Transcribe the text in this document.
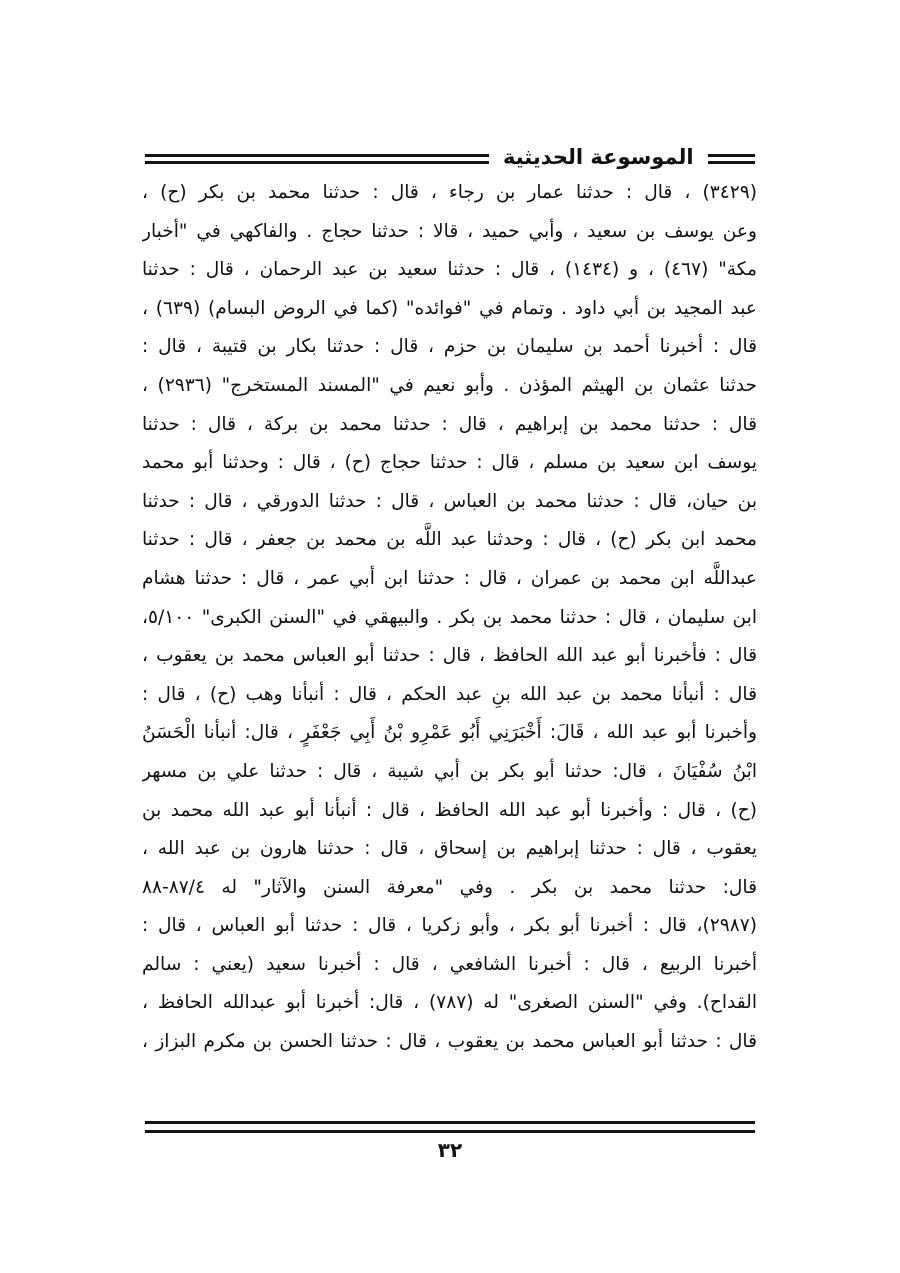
الموسوعة الحديثية
(٣٤٢٩) ، قال : حدثنا عمار بن رجاء ، قال : حدثنا محمد بن بكر (ح) ،
وعن يوسف بن سعيد ، وأبي حميد ، قالا : حدثنا حجاج . والفاكهي في "أخبار
مكة" (٤٦٧) ، و (١٤٣٤) ، قال : حدثنا سعيد بن عبد الرحمان ، قال : حدثنا
عبد المجيد بن أبي داود . وتمام في "فوائده" (كما في الروض البسام) (٦٣٩) ،
قال : أخبرنا أحمد بن سليمان بن حزم ، قال : حدثنا بكار بن قتيبة ، قال :
حدثنا عثمان بن الهيثم المؤذن . وأبو نعيم في "المسند المستخرج" (٢٩٣٦) ،
قال : حدثنا محمد بن إبراهيم ، قال : حدثنا محمد بن بركة ، قال : حدثنا
يوسف ابن سعيد بن مسلم ، قال : حدثنا حجاج (ح) ، قال : وحدثنا أبو محمد
بن حيان، قال : حدثنا محمد بن العباس ، قال : حدثنا الدورقي ، قال : حدثنا
محمد ابن بكر (ح) ، قال : وحدثنا عبد اللَّه بن محمد بن جعفر ، قال : حدثنا
عبداللَّه ابن محمد بن عمران ، قال : حدثنا ابن أبي عمر ، قال : حدثنا هشام
ابن سليمان ، قال : حدثنا محمد بن بكر . والبيهقي في "السنن الكبرى" ٥/١٠٠،
قال : فأخبرنا أبو عبد الله الحافظ ، قال : حدثنا أبو العباس محمد بن يعقوب ،
قال : أنبأنا محمد بن عبد الله بنِ عبد الحكم ، قال : أنبأنا وهب (ح) ، قال :
وأخبرنا أبو عبد الله ، قَالَ: أَخْبَرَنِي أَبُو عَمْرِو بْنُ أَبِي جَعْفَرٍ ، قال: أنبأنا الْحَسَنُ
ابْنُ سُفْيَانَ ، قال: حدثنا أبو بكر بن أبي شيبة ، قال : حدثنا علي بن مسهر
(ح) ، قال : وأخبرنا أبو عبد الله الحافظ ، قال : أنبأنا أبو عبد الله محمد بن
يعقوب ، قال : حدثنا إبراهيم بن إسحاق ، قال : حدثنا هارون بن عبد الله ،
قال: حدثنا محمد بن بكر . وفي "معرفة السنن والآثار" له ٨٧/٤-٨٨
(٢٩٨٧)، قال : أخبرنا أبو بكر ، وأبو زكريا ، قال : حدثنا أبو العباس ، قال :
أخبرنا الربيع ، قال : أخبرنا الشافعي ، قال : أخبرنا سعيد (يعني : سالم
القداح). وفي "السنن الصغرى" له (٧٨٧) ، قال: أخبرنا أبو عبدالله الحافظ ،
قال : حدثنا أبو العباس محمد بن يعقوب ، قال : حدثنا الحسن بن مكرم البزاز ،
٣٢
